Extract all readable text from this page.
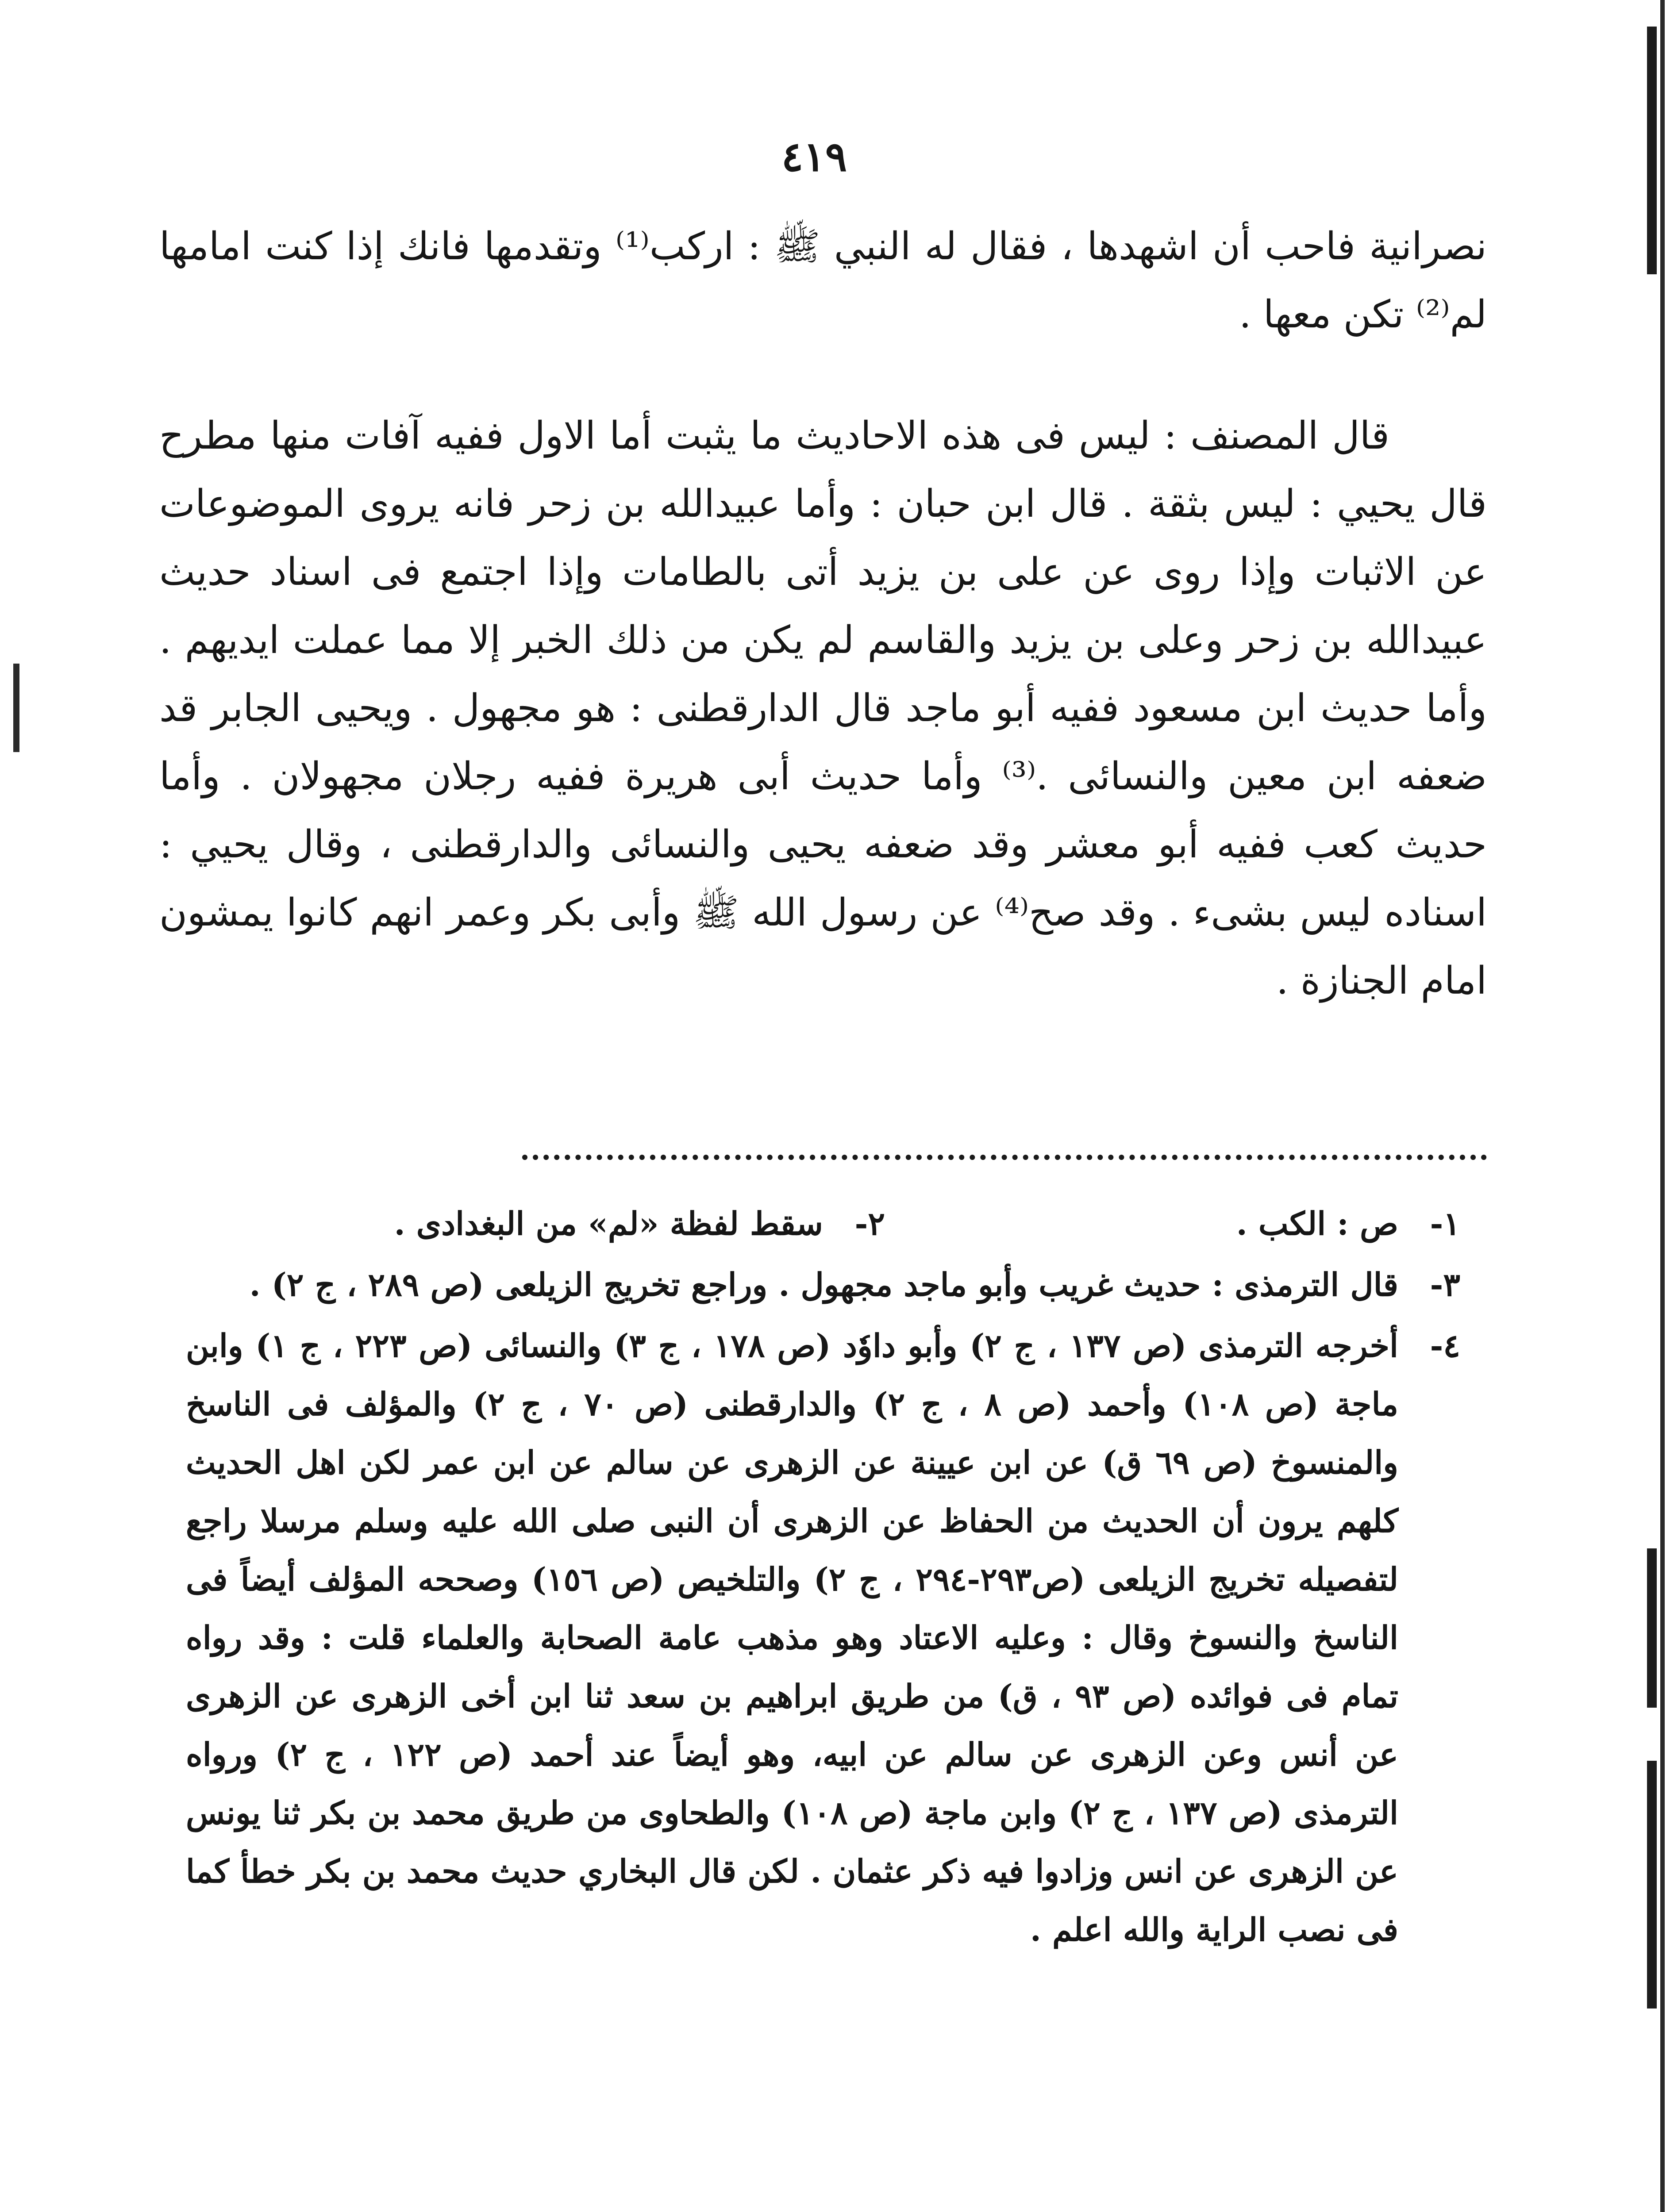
٤١٩

نصرانية فاحب أن اشهدها ، فقال له النبي ﷺ : اركب⁽¹⁾ وتقدمها فانك إذا كنت امامها لم⁽²⁾ تكن معها .

قال المصنف : ليس فى هذه الاحاديث ما يثبت أما الاول ففيه آفات منها مطرح قال يحيي : ليس بثقة . قال ابن حبان : وأما عبيدالله بن زحر فانه يروى الموضوعات عن الاثبات وإذا روى عن على بن يزيد أتى بالطامات وإذا اجتمع فى اسناد حديث عبيدالله بن زحر وعلى بن يزيد والقاسم لم يكن من ذلك الخبر إلا مما عملت ايديهم . وأما حديث ابن مسعود ففيه أبو ماجد قال الدارقطنى : هو مجهول . ويحيى الجابر قد ضعفه ابن معين والنسائى .⁽³⁾ وأما حديث أبى هريرة ففيه رجلان مجهولان . وأما حديث كعب ففيه أبو معشر وقد ضعفه يحيى والنسائى والدارقطنى ، وقال يحيي : اسناده ليس بشىء . وقد صح⁽⁴⁾ عن رسول الله ﷺ وأبى بكر وعمر انهم كانوا يمشون امام الجنازة .

١-
ص : الكب .
٢-
سقط لفظة «لم» من البغدادى .
٣-
قال الترمذى : حديث غريب وأبو ماجد مجهول . وراجع تخريج الزيلعى (ص ٢٨٩ ، ج ٢) .
٤-
أخرجه الترمذى (ص ١٣٧ ، ج ٢) وأبو داوٗد (ص ١٧٨ ، ج ٣) والنسائى (ص ٢٢٣ ، ج ١) وابن ماجة (ص ١٠٨) وأحمد (ص ٨ ، ج ٢) والدارقطنى (ص ٧٠ ، ج ٢) والمؤلف فى الناسخ والمنسوخ (ص ٦٩ ق) عن ابن عيينة عن الزهرى عن سالم عن ابن عمر لكن اهل الحديث كلهم يرون أن الحديث من الحفاظ عن الزهرى أن النبى صلى الله عليه وسلم مرسلا راجع لتفصيله تخريج الزيلعى (ص٢٩٣-٢٩٤ ، ج ٢) والتلخيص (ص ١٥٦) وصححه المؤلف أيضاً فى الناسخ والنسوخ وقال : وعليه الاعتاد وهو مذهب عامة الصحابة والعلماء قلت : وقد رواه تمام فى فوائده (ص ٩٣ ، ق) من طريق ابراهيم بن سعد ثنا ابن أخى الزهرى عن الزهرى عن أنس وعن الزهرى عن سالم عن ابيه، وهو أيضاً عند أحمد (ص ١٢٢ ، ج ٢) ورواه الترمذى (ص ١٣٧ ، ج ٢) وابن ماجة (ص ١٠٨) والطحاوى من طريق محمد بن بكر ثنا يونس عن الزهرى عن انس وزادوا فيه ذكر عثمان . لكن قال البخاري حديث محمد بن بكر خطأ كما فى نصب الراية والله اعلم .
